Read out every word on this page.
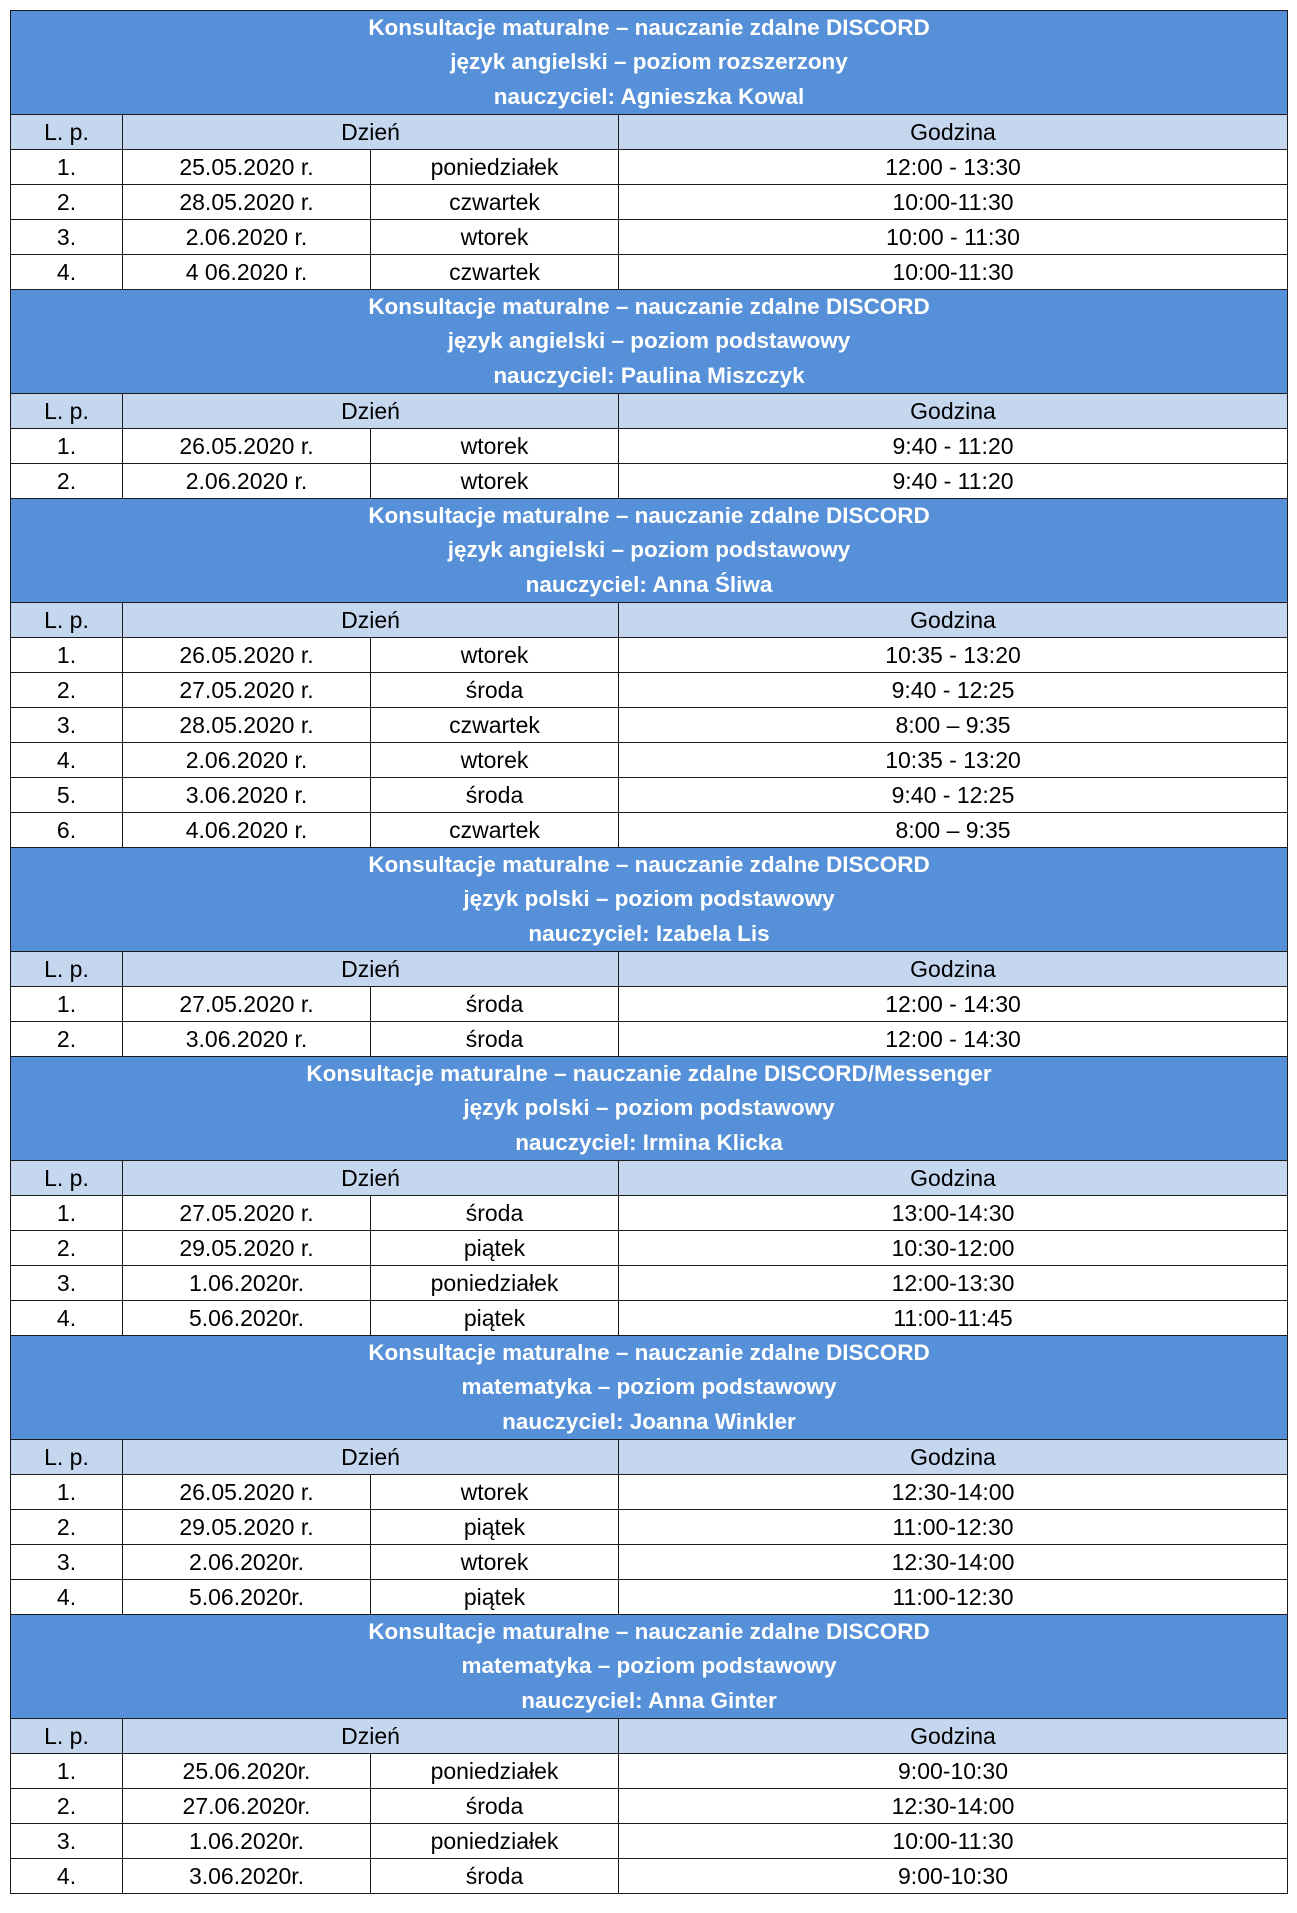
Konsultacje maturalne – nauczanie zdalne DISCORD
język angielski – poziom rozszerzony
nauczyciel: Agnieszka Kowal			

L. p.	Dzień		Godzina
1.	25.05.2020 r.	poniedziałek	12:00 - 13:30
2.	28.05.2020 r.	czwartek	10:00-11:30
3.	2.06.2020 r.	wtorek	10:00 - 11:30
4.	4 06.2020 r.	czwartek	10:00-11:30

Konsultacje maturalne – nauczanie zdalne DISCORD
język angielski – poziom podstawowy
nauczyciel: Paulina Miszczyk			

L. p.	Dzień		Godzina
1.	26.05.2020 r.	wtorek	9:40 - 11:20
2.	2.06.2020 r.	wtorek	9:40 - 11:20

Konsultacje maturalne – nauczanie zdalne DISCORD
język angielski – poziom podstawowy
nauczyciel: Anna Śliwa			

L. p.	Dzień		Godzina
1.	26.05.2020 r.	wtorek	10:35 - 13:20
2.	27.05.2020 r.	środa	9:40 - 12:25
3.	28.05.2020 r.	czwartek	8:00 – 9:35
4.	2.06.2020 r.	wtorek	10:35 - 13:20
5.	3.06.2020 r.	środa	9:40 - 12:25
6.	4.06.2020 r.	czwartek	8:00 – 9:35

Konsultacje maturalne – nauczanie zdalne DISCORD
język polski – poziom podstawowy
nauczyciel: Izabela Lis			

L. p.	Dzień		Godzina
1.	27.05.2020 r.	środa	12:00 - 14:30
2.	3.06.2020 r.	środa	12:00 - 14:30

Konsultacje maturalne – nauczanie zdalne DISCORD/Messenger
język polski – poziom podstawowy
nauczyciel: Irmina Klicka			

L. p.	Dzień		Godzina
1.	27.05.2020 r.	środa	13:00-14:30
2.	29.05.2020 r.	piątek	10:30-12:00
3.	1.06.2020r.	poniedziałek	12:00-13:30
4.	5.06.2020r.	piątek	11:00-11:45

Konsultacje maturalne – nauczanie zdalne DISCORD
matematyka – poziom podstawowy
nauczyciel: Joanna Winkler			

L. p.	Dzień		Godzina
1.	26.05.2020 r.	wtorek	12:30-14:00
2.	29.05.2020 r.	piątek	11:00-12:30
3.	2.06.2020r.	wtorek	12:30-14:00
4.	5.06.2020r.	piątek	11:00-12:30

Konsultacje maturalne – nauczanie zdalne DISCORD
matematyka – poziom podstawowy
nauczyciel: Anna Ginter			

L. p.	Dzień		Godzina
1.	25.06.2020r.	poniedziałek	9:00-10:30
2.	27.06.2020r.	środa	12:30-14:00
3.	1.06.2020r.	poniedziałek	10:00-11:30
4.	3.06.2020r.	środa	9:00-10:30
